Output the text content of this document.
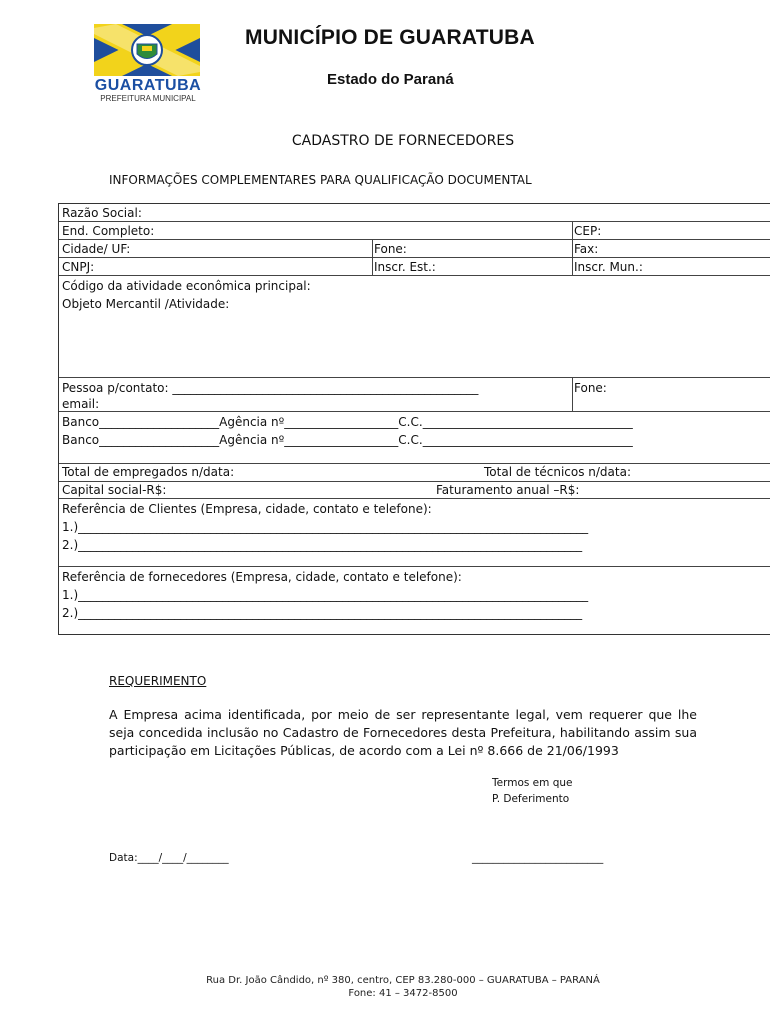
GUARATUBA
PREFEITURA MUNICIPAL
MUNICÍPIO DE GUARATUBA
Estado do Paraná
CADASTRO DE FORNECEDORES
INFORMAÇÕES COMPLEMENTARES PARA QUALIFICAÇÃO DOCUMENTAL
Razão Social:
End. Completo:	CEP:
Cidade/ UF:	Fone:	Fax:
CNPJ:	Inscr. Est.:	Inscr. Mun.:
Código da atividade econômica principal:
Objeto Mercantil /Atividade:
Pessoa p/contato: ___________________________________________________	Fone:
email:
Banco____________________Agência nº___________________C.C.___________________________________
Banco____________________Agência nº___________________C.C.___________________________________
Total de empregados n/data:	Total de técnicos n/data:
Capital social-R$:	Faturamento anual –R$:
Referência de Clientes (Empresa, cidade, contato e telefone):
1.)_____________________________________________________________________________________
2.)____________________________________________________________________________________
Referência de fornecedores (Empresa, cidade, contato e telefone):
1.)_____________________________________________________________________________________
2.)____________________________________________________________________________________
REQUERIMENTO
A Empresa acima identificada, por meio de ser representante legal, vem requerer que lhe seja concedida inclusão no Cadastro de Fornecedores desta Prefeitura, habilitando assim sua participação em Licitações Públicas, de acordo com a Lei nº 8.666 de 21/06/1993
Termos em que
P. Deferimento
Data:____/____/________	_________________________
Rua Dr. João Cândido, nº 380, centro, CEP 83.280-000 – GUARATUBA – PARANÁ
Fone: 41 – 3472-8500
